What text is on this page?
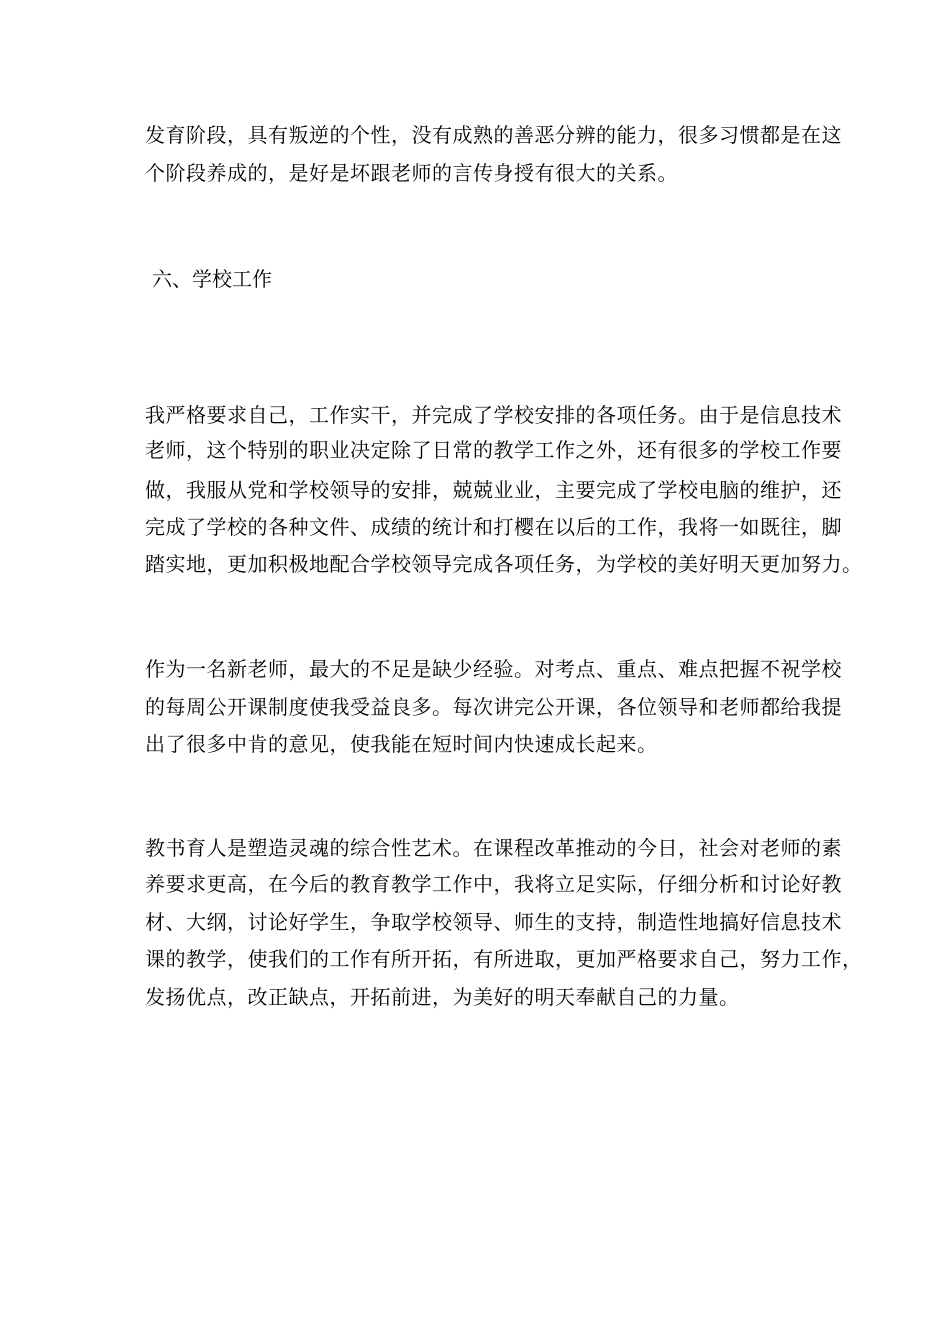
发育阶段，具有叛逆的个性，没有成熟的善恶分辨的能力，很多习惯都是在这
个阶段养成的，是好是坏跟老师的言传身授有很大的关系。
六、学校工作
我严格要求自己，工作实干，并完成了学校安排的各项任务。由于是信息技术
老师，这个特别的职业决定除了日常的教学工作之外，还有很多的学校工作要
做，我服从党和学校领导的安排，兢兢业业，主要完成了学校电脑的维护，还
完成了学校的各种文件、成绩的统计和打樱在以后的工作，我将一如既往，脚
踏实地，更加积极地配合学校领导完成各项任务，为学校的美好明天更加努力。
作为一名新老师，最大的不足是缺少经验。对考点、重点、难点把握不祝学校
的每周公开课制度使我受益良多。每次讲完公开课，各位领导和老师都给我提
出了很多中肯的意见，使我能在短时间内快速成长起来。
教书育人是塑造灵魂的综合性艺术。在课程改革推动的今日，社会对老师的素
养要求更高，在今后的教育教学工作中，我将立足实际，仔细分析和讨论好教
材、大纲，讨论好学生，争取学校领导、师生的支持，制造性地搞好信息技术
课的教学，使我们的工作有所开拓，有所进取，更加严格要求自己，努力工作，
发扬优点，改正缺点，开拓前进，为美好的明天奉献自己的力量。
